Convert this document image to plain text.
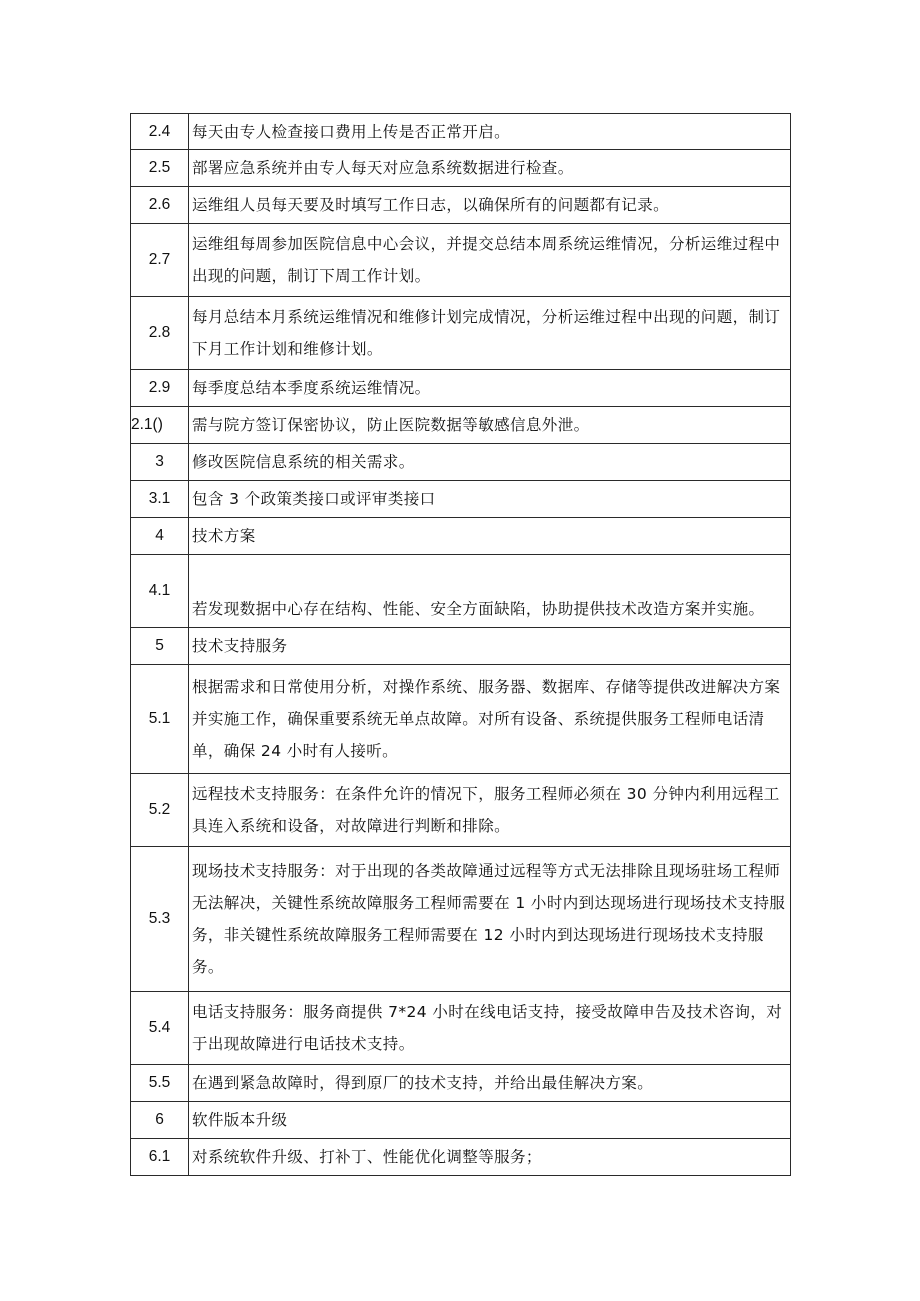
2.4	每天由专人检查接口费用上传是否正常开启。
2.5	部署应急系统并由专人每天对应急系统数据进行检查。
2.6	运维组人员每天要及时填写工作日志，以确保所有的问题都有记录。
2.7	运维组每周参加医院信息中心会议，并提交总结本周系统运维情况，分析运维过程中出现的问题，制订下周工作计划。
2.8	每月总结本月系统运维情况和维修计划完成情况，分析运维过程中出现的问题，制订下月工作计划和维修计划。
2.9	每季度总结本季度系统运维情况。
2.1()	需与院方签订保密协议，防止医院数据等敏感信息外泄。
3	修改医院信息系统的相关需求。
3.1	包含 3 个政策类接口或评审类接口
4	技术方案
4.1	若发现数据中心存在结构、性能、安全方面缺陷，协助提供技术改造方案并实施。
5	技术支持服务
5.1	根据需求和日常使用分析，对操作系统、服务器、数据库、存储等提供改进解决方案并实施工作，确保重要系统无单点故障。对所有设备、系统提供服务工程师电话清单，确保 24 小时有人接听。
5.2	远程技术支持服务：在条件允许的情况下，服务工程师必须在 30 分钟内利用远程工具连入系统和设备，对故障进行判断和排除。
5.3	现场技术支持服务：对于出现的各类故障通过远程等方式无法排除且现场驻场工程师无法解决，关键性系统故障服务工程师需要在 1 小时内到达现场进行现场技术支持服务，非关键性系统故障服务工程师需要在 12 小时内到达现场进行现场技术支持服务。
5.4	电话支持服务：服务商提供 7*24 小时在线电话支持，接受故障申告及技术咨询，对于出现故障进行电话技术支持。
5.5	在遇到紧急故障时，得到原厂的技术支持，并给出最佳解决方案。
6	软件版本升级
6.1	对系统软件升级、打补丁、性能优化调整等服务；
